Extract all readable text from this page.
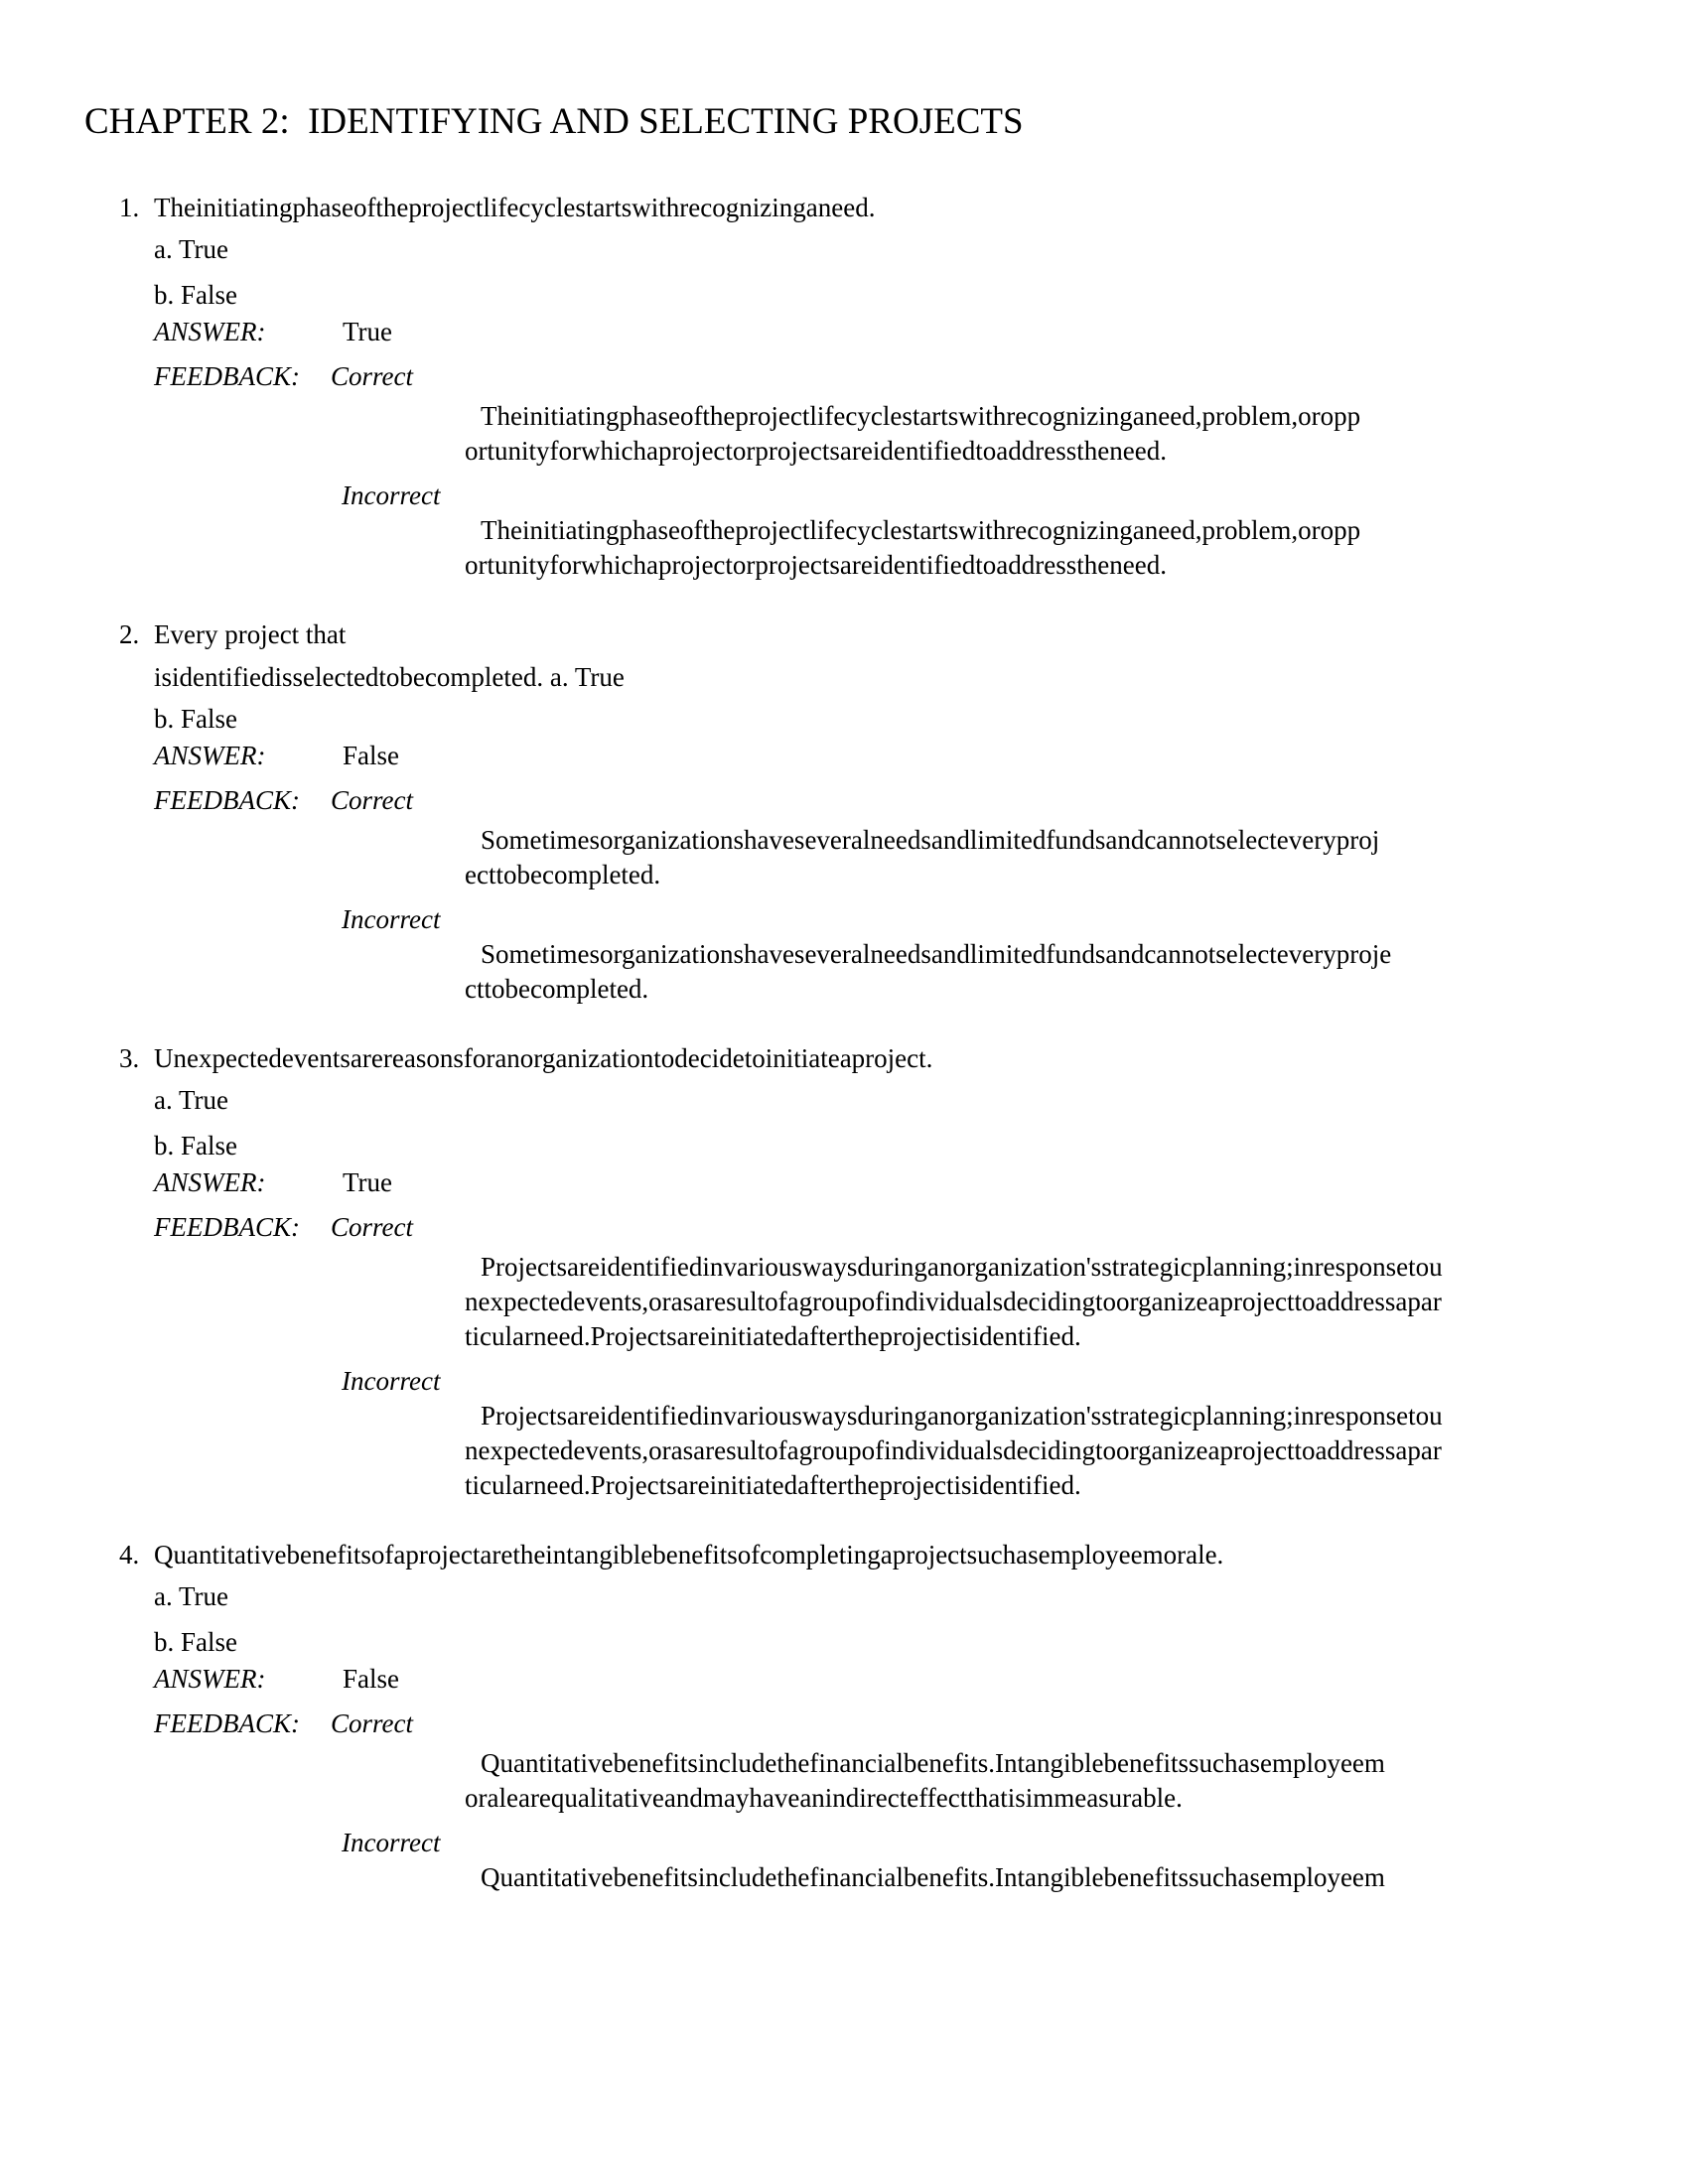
CHAPTER 2:  IDENTIFYING AND SELECTING PROJECTS
1. Theinitiatingphaseoftheprojectlifecyclestartswithrecognizinganeed.
a. True
b. False
ANSWER:	True
FEEDBACK:	Correct
Theinitiatingphaseoftheprojectlifecyclestartswithrecognizinganeed,problem,oropp
ortunityforwhichaprojectorprojectsareidentifiedtoaddresstheneed.
Incorrect
Theinitiatingphaseoftheprojectlifecyclestartswithrecognizinganeed,problem,oropp
ortunityforwhichaprojectorprojectsareidentifiedtoaddresstheneed.
2. Every project that
isidentifiedisselectedtobecompleted. a. True
b. False
ANSWER:	False
FEEDBACK:	Correct
Sometimesorganizationshaveseveralneedsandlimitedfundsandcannotselecteveryproj
ecttobecompleted.
Incorrect
Sometimesorganizationshaveseveralneedsandlimitedfundsandcannotselecteveryproje
cttobecompleted.
3. Unexpectedeventsarereasonsforanorganizationtodecidetoinitiateaproject.
a. True
b. False
ANSWER:	True
FEEDBACK:	Correct
Projectsareidentifiedinvariouswaysduringanorganization'sstrategicplanning;inresponsetou
nexpectedevents,orasaresultofagroupofindividualsdecidingtoorganizeaprojecttoaddressapar
ticularneed.Projectsareinitiatedaftertheprojectisidentified.
Incorrect
Projectsareidentifiedinvariouswaysduringanorganization'sstrategicplanning;inresponsetou
nexpectedevents,orasaresultofagroupofindividualsdecidingtoorganizeaprojecttoaddressapar
ticularneed.Projectsareinitiatedaftertheprojectisidentified.
4. Quantitativebenefitsofaprojectaretheintangiblebenefitsofcompletingaprojectsuchasemployeemorale.
a. True
b. False
ANSWER:	False
FEEDBACK:	Correct
Quantitativebenefitsincludethefinancialbenefits.Intangiblebenefitssuchasemployeem
oralearequalitativeandmayhaveanindirecteffectthatisimmeasurable.
Incorrect
Quantitativebenefitsincludethefinancialbenefits.Intangiblebenefitssuchasemployeem
